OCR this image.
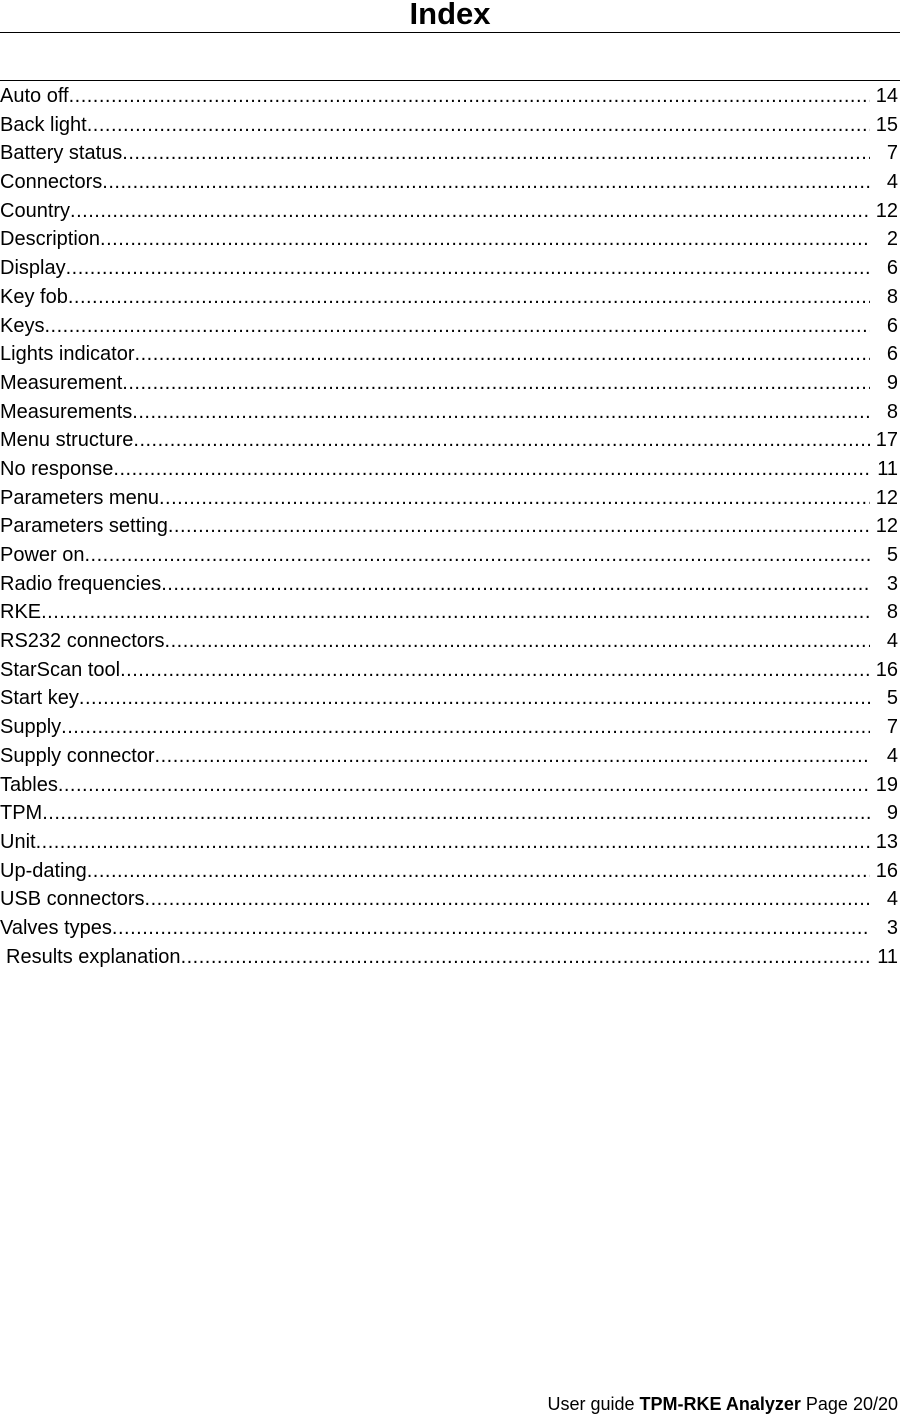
Index
Auto off .....	14
Back light .....	15
Battery status .....	7
Connectors .....	4
Country .....	12
Description .....	2
Display .....	6
Key fob .....	8
Keys .....	6
Lights indicator .....	6
Measurement .....	9
Measurements .....	8
Menu structure .....	17
No response .....	11
Parameters menu .....	12
Parameters setting .....	12
Power on .....	5
Radio frequencies .....	3
RKE .....	8
RS232 connectors .....	4
StarScan tool .....	16
Start key .....	5
Supply .....	7
Supply connector .....	4
Tables .....	19
TPM .....	9
Unit .....	13
Up-dating .....	16
USB connectors .....	4
Valves types .....	3
Results explanation .....	11
User guide TPM-RKE Analyzer Page 20/20
